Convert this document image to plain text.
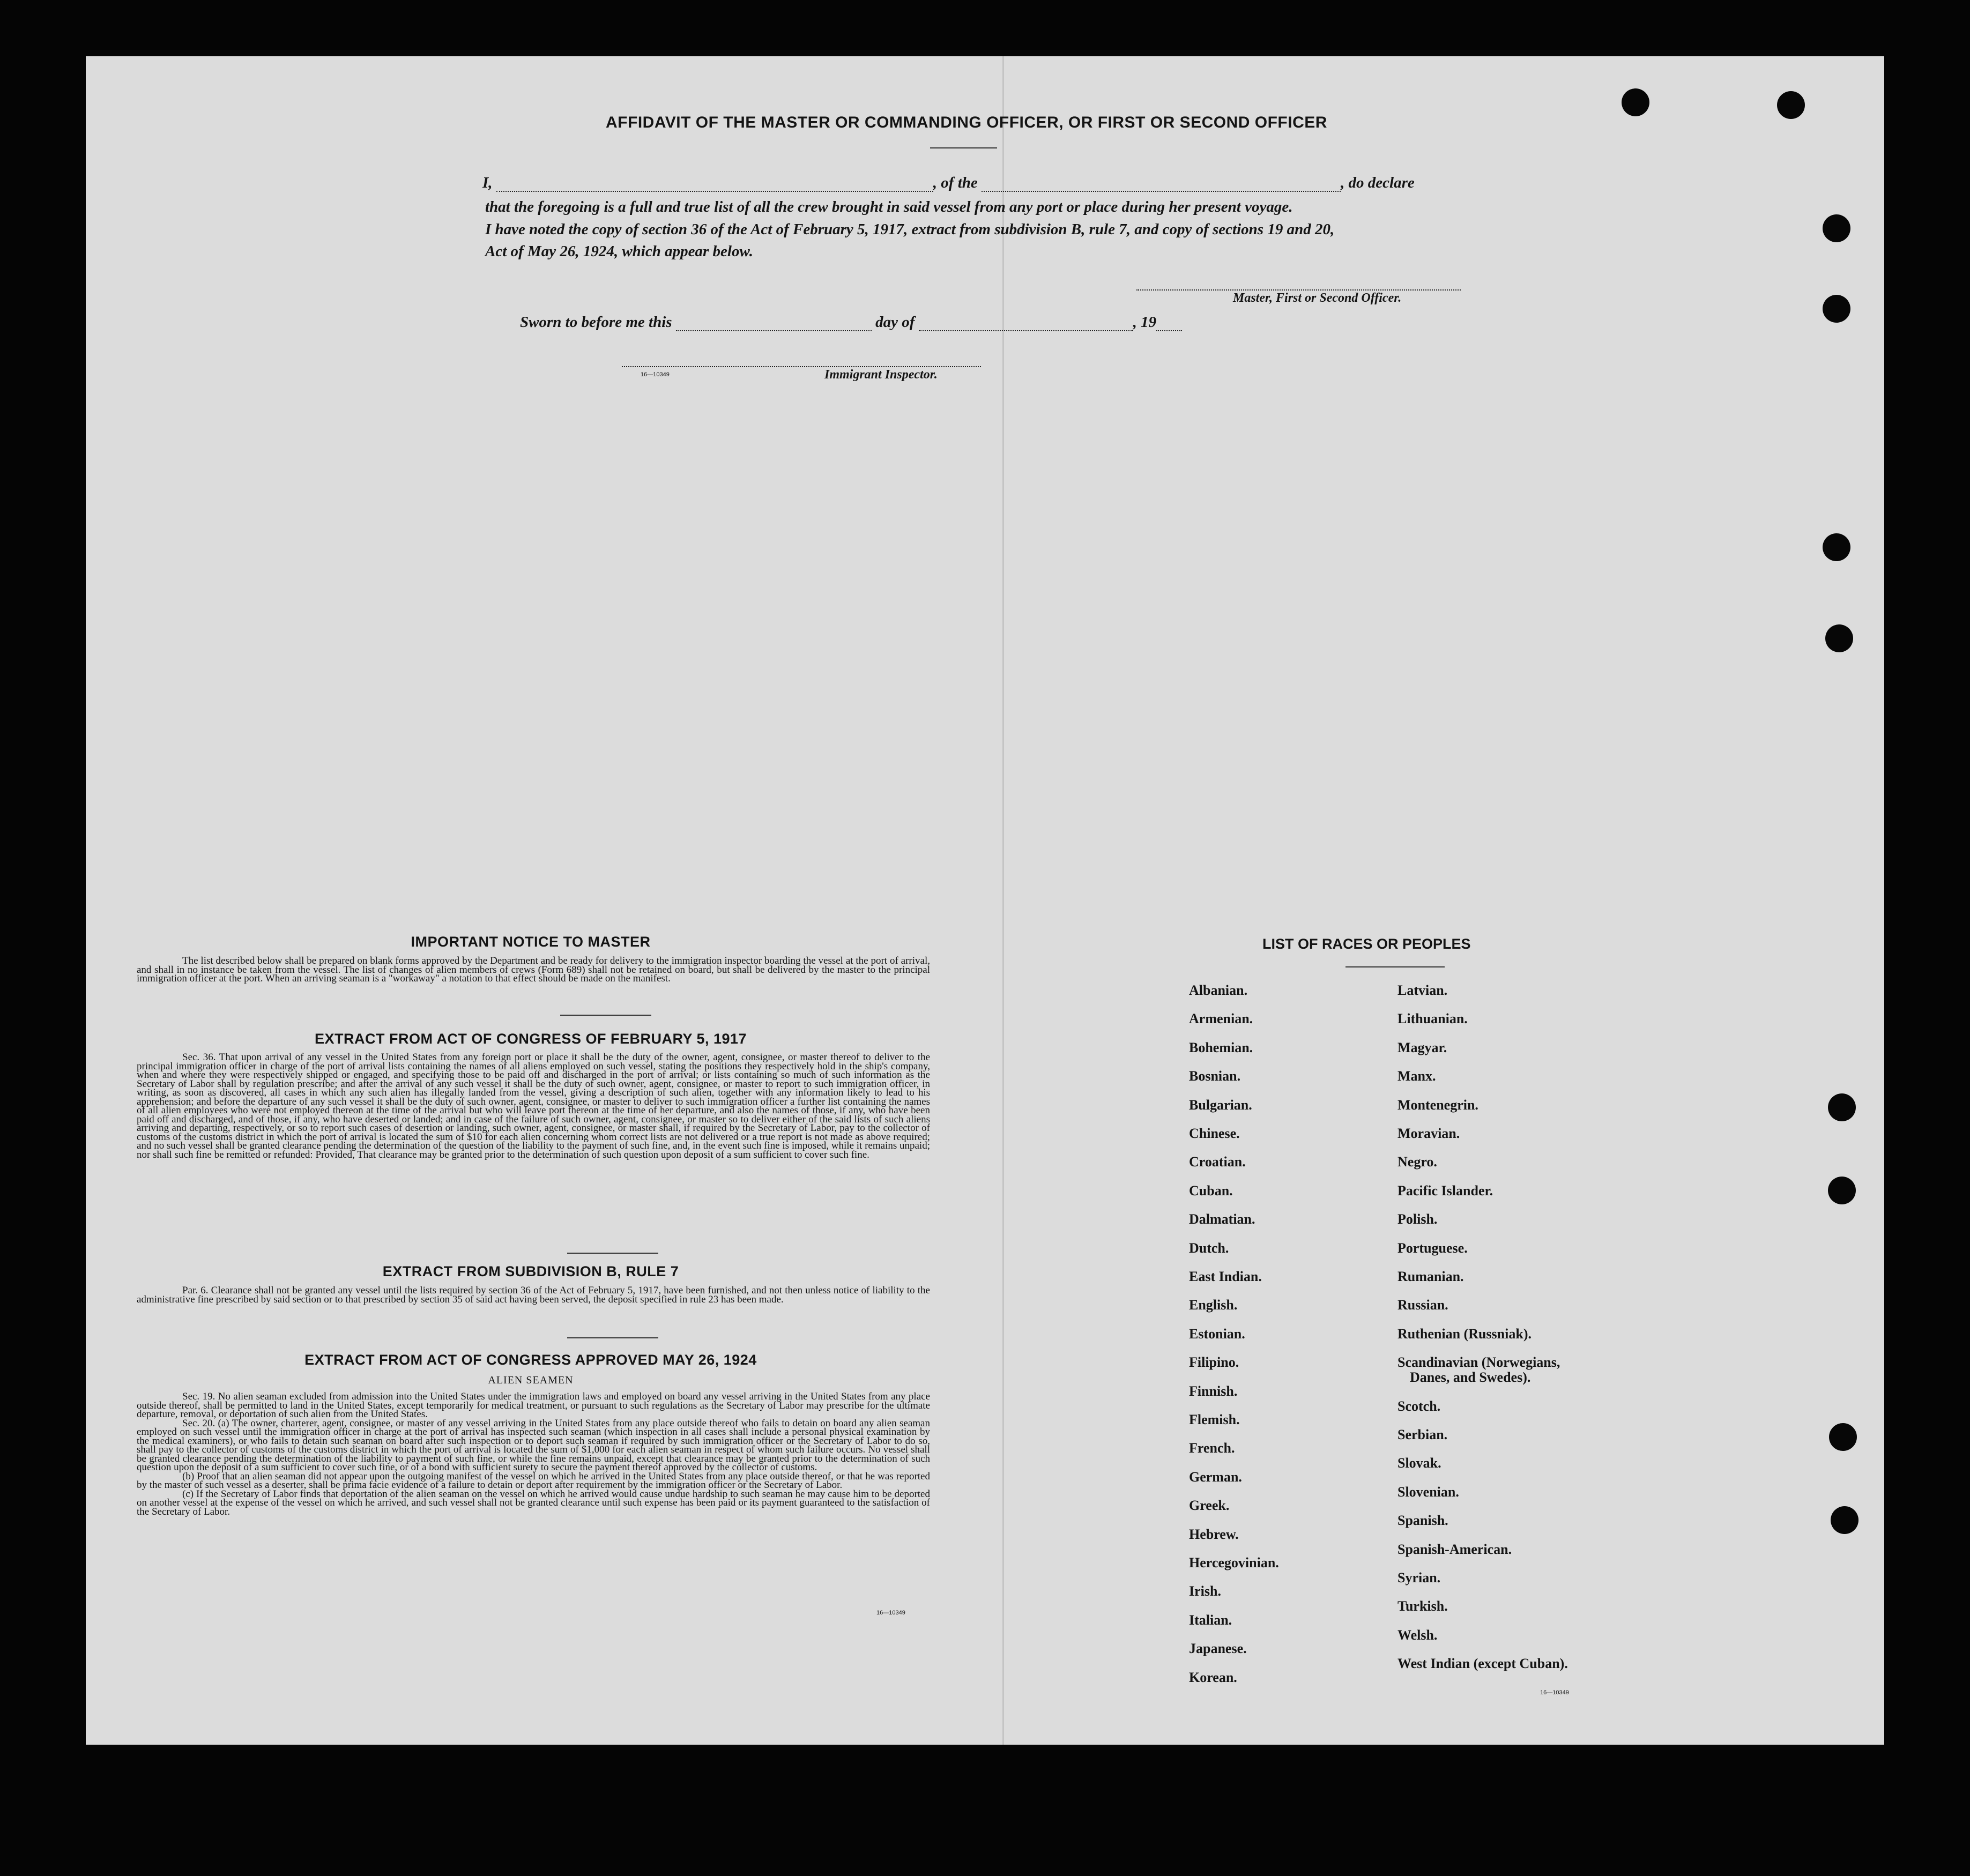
AFFIDAVIT OF THE MASTER OR COMMANDING OFFICER, OR FIRST OR SECOND OFFICER
I,	, of the	, do declare
that the foregoing is a full and true list of all the crew brought in said vessel from any port or place during her present voyage.
I have noted the copy of section 36 of the Act of February 5, 1917, extract from subdivision B, rule 7, and copy of sections 19 and 20,
Act of May 26, 1924, which appear below.
Master, First or Second Officer.
Sworn to before me this	day of	, 19
16—10349	Immigrant Inspector.
IMPORTANT NOTICE TO MASTER

The list described below shall be prepared on blank forms approved by the Department and be ready for delivery to the immigration inspector boarding the vessel at the port of arrival, and shall in no instance be taken from the vessel. The list of changes of alien members of crews (Form 689) shall not be retained on board, but shall be delivered by the master to the principal immigration officer at the port. When an arriving seaman is a "workaway" a notation to that effect should be made on the manifest.

EXTRACT FROM ACT OF CONGRESS OF FEBRUARY 5, 1917

Sec. 36. That upon arrival of any vessel in the United States from any foreign port or place it shall be the duty of the owner, agent, consignee, or master thereof to deliver to the principal immigration officer in charge of the port of arrival lists containing the names of all aliens employed on such vessel, stating the positions they respectively hold in the ship's company, when and where they were respectively shipped or engaged, and specifying those to be paid off and discharged in the port of arrival; or lists containing so much of such information as the Secretary of Labor shall by regulation prescribe; and after the arrival of any such vessel it shall be the duty of such owner, agent, consignee, or master to report to such immigration officer, in writing, as soon as discovered, all cases in which any such alien has illegally landed from the vessel, giving a description of such alien, together with any information likely to lead to his apprehension; and before the departure of any such vessel it shall be the duty of such owner, agent, consignee, or master to deliver to such immigration officer a further list containing the names of all alien employees who were not employed thereon at the time of the arrival but who will leave port thereon at the time of her departure, and also the names of those, if any, who have been paid off and discharged, and of those, if any, who have deserted or landed; and in case of the failure of such owner, agent, consignee, or master so to deliver either of the said lists of such aliens arriving and departing, respectively, or so to report such cases of desertion or landing, such owner, agent, consignee, or master shall, if required by the Secretary of Labor, pay to the collector of customs of the customs district in which the port of arrival is located the sum of $10 for each alien concerning whom correct lists are not delivered or a true report is not made as above required; and no such vessel shall be granted clearance pending the determination of the question of the liability to the payment of such fine, and, in the event such fine is imposed, while it remains unpaid; nor shall such fine be remitted or refunded: Provided, That clearance may be granted prior to the determination of such question upon deposit of a sum sufficient to cover such fine.

EXTRACT FROM SUBDIVISION B, RULE 7

Par. 6. Clearance shall not be granted any vessel until the lists required by section 36 of the Act of February 5, 1917, have been furnished, and not then unless notice of liability to the administrative fine prescribed by said section or to that prescribed by section 35 of said act having been served, the deposit specified in rule 23 has been made.

EXTRACT FROM ACT OF CONGRESS APPROVED MAY 26, 1924
ALIEN SEAMEN

Sec. 19. No alien seaman excluded from admission into the United States under the immigration laws and employed on board any vessel arriving in the United States from any place outside thereof, shall be permitted to land in the United States, except temporarily for medical treatment, or pursuant to such regulations as the Secretary of Labor may prescribe for the ultimate departure, removal, or deportation of such alien from the United States.

Sec. 20. (a) The owner, charterer, agent, consignee, or master of any vessel arriving in the United States from any place outside thereof who fails to detain on board any alien seaman employed on such vessel until the immigration officer in charge at the port of arrival has inspected such seaman (which inspection in all cases shall include a personal physical examination by the medical examiners), or who fails to detain such seaman on board after such inspection or to deport such seaman if required by such immigration officer or the Secretary of Labor to do so, shall pay to the collector of customs of the customs district in which the port of arrival is located the sum of $1,000 for each alien seaman in respect of whom such failure occurs. No vessel shall be granted clearance pending the determination of the liability to payment of such fine, or while the fine remains unpaid, except that clearance may be granted prior to the determination of such question upon the deposit of a sum sufficient to cover such fine, or of a bond with sufficient surety to secure the payment thereof approved by the collector of customs.

(b) Proof that an alien seaman did not appear upon the outgoing manifest of the vessel on which he arrived in the United States from any place outside thereof, or that he was reported by the master of such vessel as a deserter, shall be prima facie evidence of a failure to detain or deport after requirement by the immigration officer or the Secretary of Labor.

(c) If the Secretary of Labor finds that deportation of the alien seaman on the vessel on which he arrived would cause undue hardship to such seaman he may cause him to be deported on another vessel at the expense of the vessel on which he arrived, and such vessel shall not be granted clearance until such expense has been paid or its payment guaranteed to the satisfaction of the Secretary of Labor.

16—10349
LIST OF RACES OR PEOPLES
Albanian.
Armenian.
Bohemian.
Bosnian.
Bulgarian.
Chinese.
Croatian.
Cuban.
Dalmatian.
Dutch.
East Indian.
English.
Estonian.
Filipino.
Finnish.
Flemish.
French.
German.
Greek.
Hebrew.
Hercegovinian.
Irish.
Italian.
Japanese.
Korean.
Latvian.
Lithuanian.
Magyar.
Manx.
Montenegrin.
Moravian.
Negro.
Pacific Islander.
Polish.
Portuguese.
Rumanian.
Russian.
Ruthenian (Russniak).
Scandinavian (Norwegians,
Danes, and Swedes).
Scotch.
Serbian.
Slovak.
Slovenian.
Spanish.
Spanish-American.
Syrian.
Turkish.
Welsh.
West Indian (except Cuban).
16—10349
